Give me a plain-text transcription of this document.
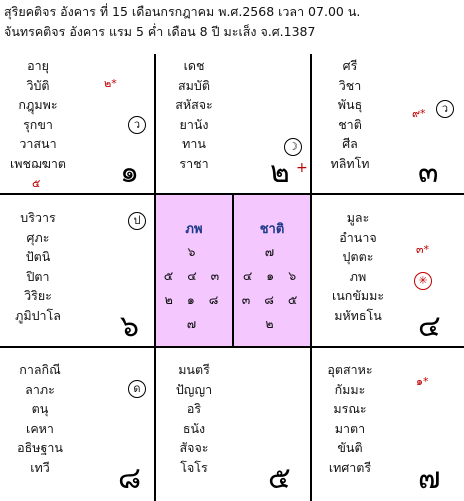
สุริยคติจร อังคาร ที่ 15 เดือนกรกฎาคม พ.ศ.2568 เวลา 07.00 น.
จันทรคติจร อังคาร แรม 5 ค่ำ เดือน 8 ปี มะเส็ง จ.ศ.1387
อายุ
วิบัติ
กฎุมพะ
รุกขา
วาสนา
เพชฌฆาต
๕
๒*
ว
๑
เดช
สมบัติ
สหัสจะ
ยานัง
ทาน
ราชา
☽
๒ +
ศรี
วิชา
พันธุ
ชาติ
ศีล
ทลิทโท
๙*	ว
๓
บริวาร
ศุภะ
ปัตนิ
ปิตา
วิริยะ
ภูมิปาโล
ป
๖
ภพ
๖
๕ ๔ ๓
๒ ๑ ๘
๗
ชาติ
๗
๔ ๑ ๖
๓ ๘ ๕
๒
มูละ
อำนาจ
ปุตตะ
ภพ
เนกขัมมะ
มหัทธโน
๓*
✳
๔
กาลกิณี
ลาภะ
ตนุ
เคหา
อธิษฐาน
เทวี
ด
๘
มนตรี
ปัญญา
อริ
ธนัง
สัจจะ
โจโร	๕
อุตสาหะ
กัมมะ
มรณะ
มาตา
ขันติ
เทศาตรี
๑*
๗
